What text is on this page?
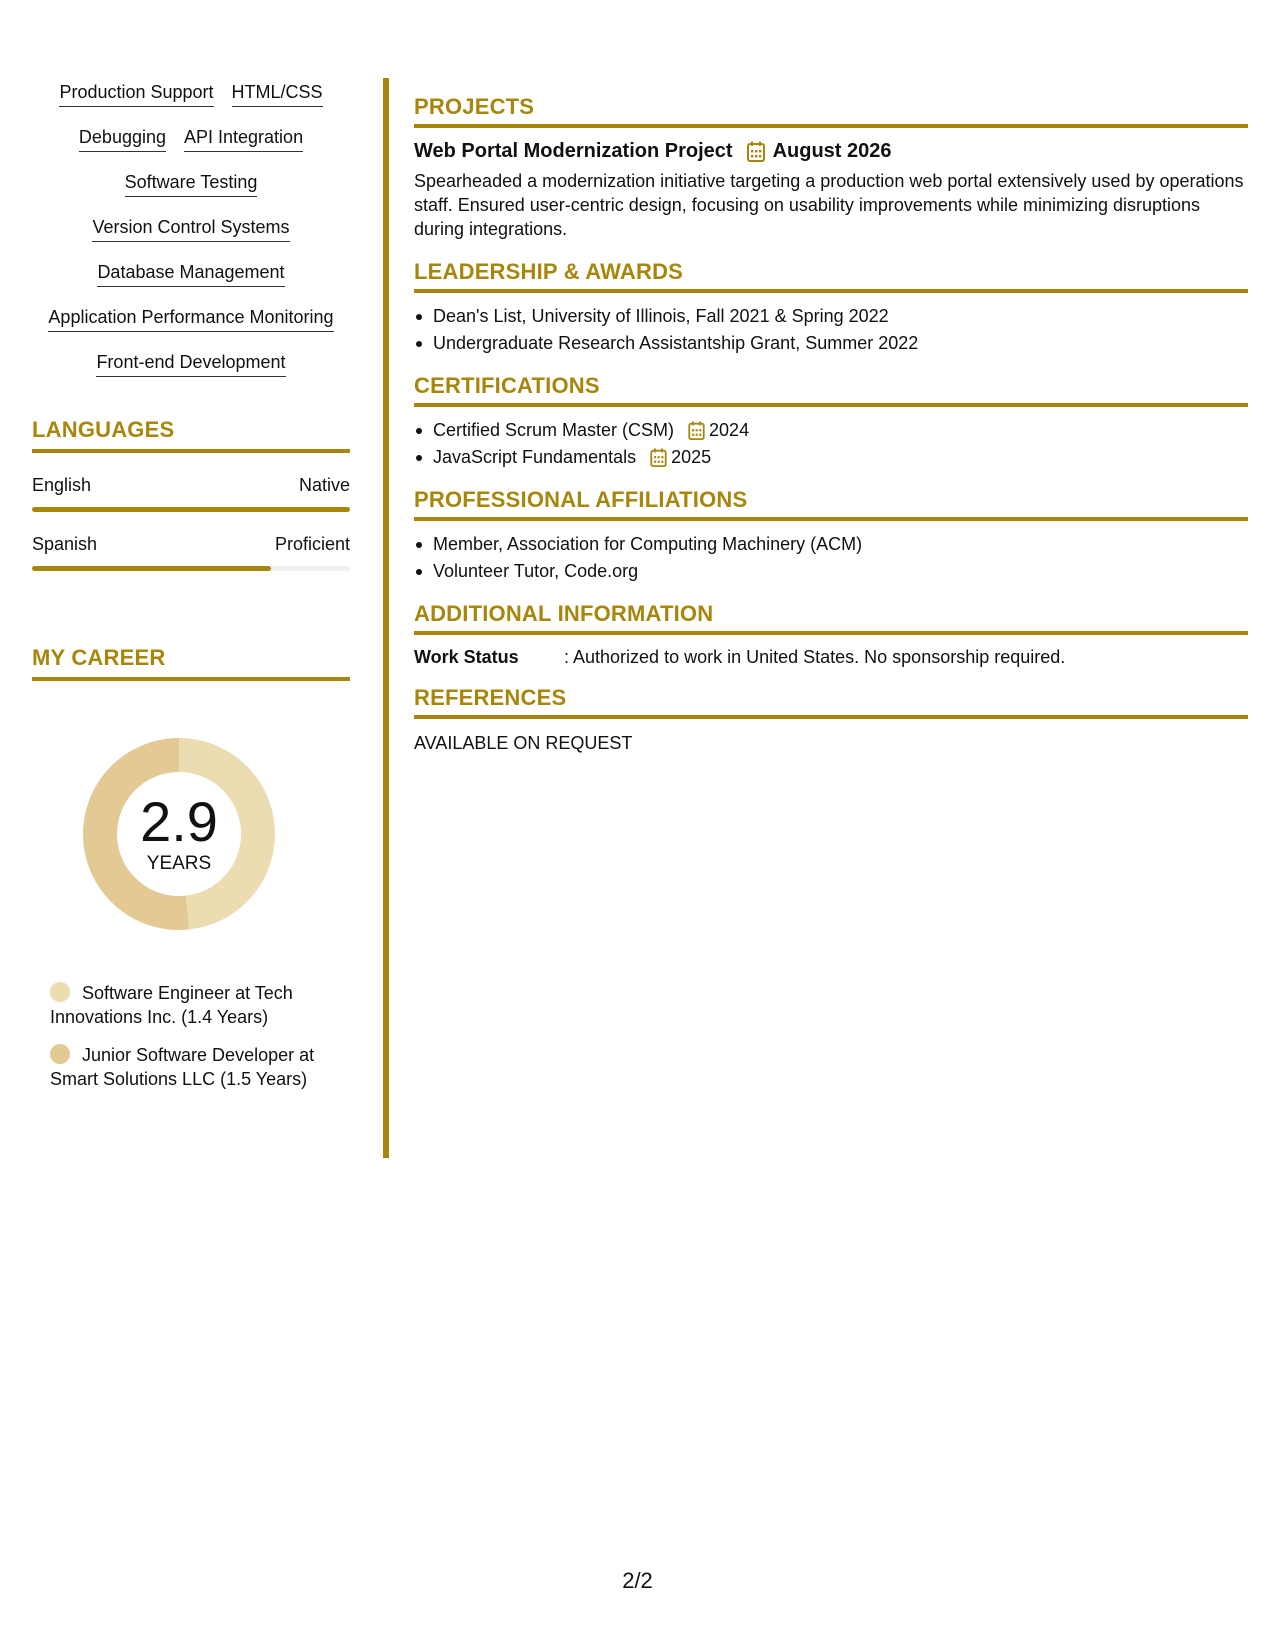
Production Support HTML/CSS
Debugging API Integration
Software Testing
Version Control Systems
Database Management
Application Performance Monitoring
Front-end Development
LANGUAGES
English	Native
Spanish	Proficient
MY CAREER
2.9
YEARS
Software Engineer at Tech Innovations Inc. (1.4 Years)
Junior Software Developer at Smart Solutions LLC (1.5 Years)
PROJECTS
Web Portal Modernization Project August 2026
Spearheaded a modernization initiative targeting a production web portal extensively used by operations staff. Ensured user-centric design, focusing on usability improvements while minimizing disruptions during integrations.
LEADERSHIP & AWARDS
Dean's List, University of Illinois, Fall 2021 & Spring 2022
Undergraduate Research Assistantship Grant, Summer 2022
CERTIFICATIONS
Certified Scrum Master (CSM) 2024
JavaScript Fundamentals 2025
PROFESSIONAL AFFILIATIONS
Member, Association for Computing Machinery (ACM)
Volunteer Tutor, Code.org
ADDITIONAL INFORMATION
Work Status	: Authorized to work in United States. No sponsorship required.
REFERENCES
AVAILABLE ON REQUEST
2/2
